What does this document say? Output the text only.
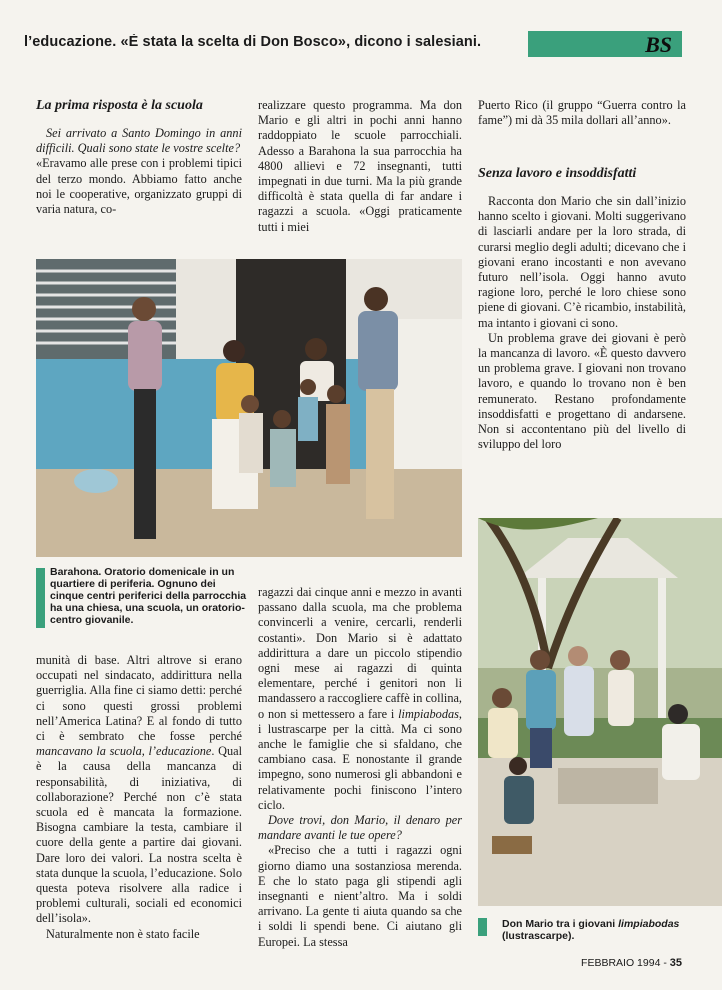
l’educazione. «È stata la scelta di Don Bosco», dicono i salesiani.	BS
La prima risposta è la scuola

Sei arrivato a Santo Domingo in anni difficili. Quali sono state le vostre scelte?

«Eravamo alle prese con i problemi tipici del terzo mondo. Abbiamo fatto anche noi le cooperative, organizzato gruppi di varia natura, co-

realizzare questo programma. Ma don Mario e gli altri in pochi anni hanno raddoppiato le scuole parrocchiali. Adesso a Barahona la sua parrocchia ha 4800 allievi e 72 insegnanti, tutti impegnati in due turni. Ma la più grande difficoltà è stata quella di far andare i ragazzi a scuola. «Oggi praticamente tutti i miei

Puerto Rico (il gruppo “Guerra contro la fame”) mi dà 35 mila dollari all’anno».

Senza lavoro e insoddisfatti

Racconta don Mario che sin dall’inizio hanno scelto i giovani. Molti suggerivano di lasciarli andare per la loro strada, di curarsi meglio degli adulti; dicevano che i giovani erano incostanti e non avevano futuro nell’isola. Oggi hanno avuto ragione loro, perché le loro chiese sono piene di giovani. C’è ricambio, instabilità, ma intanto i giovani ci sono.

Un problema grave dei giovani è però la mancanza di lavoro. «È questo davvero un problema grave. I giovani non trovano lavoro, e quando lo trovano non è ben remunerato. Restano profondamente insoddisfatti e progettano di andarsene. Non si accontentano più del livello di sviluppo del loro

Barahona. Oratorio domenicale in un quartiere di periferia. Ognuno dei cinque centri periferici della parrocchia ha una chiesa, una scuola, un oratorio-centro giovanile.

munità di base. Altri altrove si erano occupati nel sindacato, addirittura nella guerriglia. Alla fine ci siamo detti: perché ci sono questi grossi problemi nell’America Latina? E al fondo di tutto ci è sembrato che fosse perché mancavano la scuola, l’educazione. Qual è la causa della mancanza di responsabilità, di iniziativa, di collaborazione? Perché non c’è stata scuola ed è mancata la formazione. Bisogna cambiare la testa, cambiare il cuore della gente a partire dai giovani. Dare loro dei valori. La nostra scelta è stata dunque la scuola, l’educazione. Solo questa poteva risolvere alla radice i problemi culturali, sociali ed economici dell’isola».

Naturalmente non è stato facile

ragazzi dai cinque anni e mezzo in avanti passano dalla scuola, ma che problema convincerli a venire, cercarli, renderli costanti». Don Mario si è adattato addirittura a dare un piccolo stipendio ogni mese ai ragazzi di quinta elementare, perché i genitori non li mandassero a raccogliere caffè in collina, o non si mettessero a fare i limpiabodas, i lustrascarpe per la città. Ma ci sono anche le famiglie che si sfaldano, che cambiano casa. E nonostante il grande impegno, sono numerosi gli abbandoni e relativamente pochi finiscono l’intero ciclo.

Dove trovi, don Mario, il denaro per mandare avanti le tue opere?

«Preciso che a tutti i ragazzi ogni giorno diamo una sostanziosa merenda. E che lo stato paga gli stipendi agli insegnanti e nient’altro. Ma i soldi arrivano. La gente ti aiuta quando sa che i soldi li spendi bene. Ci aiutano gli Europei. La stessa

Don Mario tra i giovani limpiabodas (lustrascarpe).
FEBBRAIO 1994 - 35
